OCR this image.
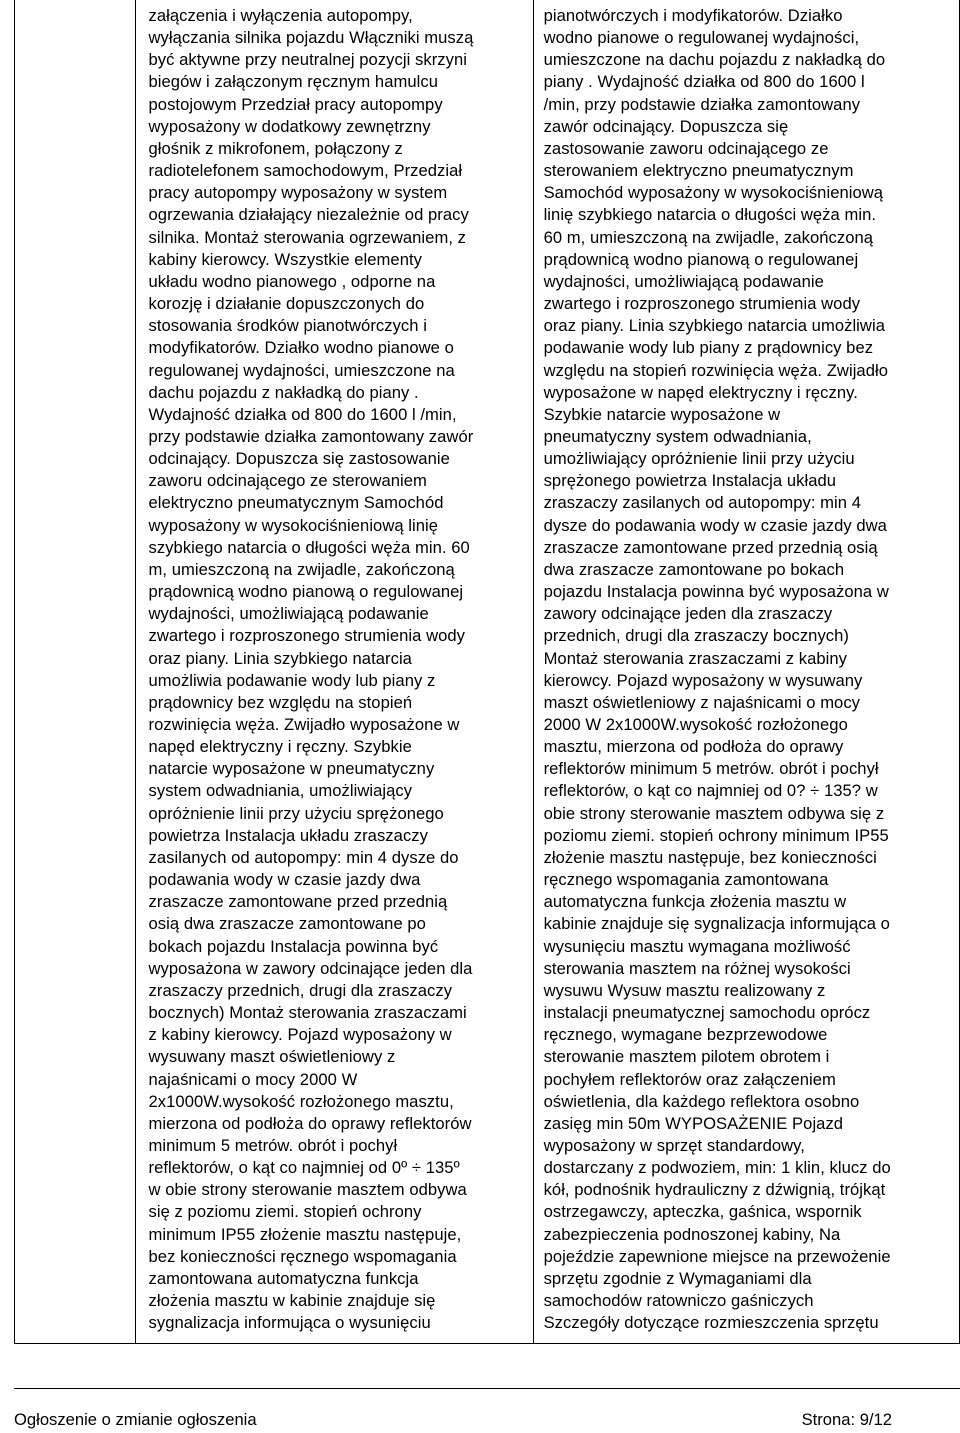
załączenia i wyłączenia autopompy,
wyłączania silnika pojazdu Włączniki muszą
być aktywne przy neutralnej pozycji skrzyni
biegów i załączonym ręcznym hamulcu
postojowym Przedział pracy autopompy
wyposażony w dodatkowy zewnętrzny
głośnik z mikrofonem, połączony z
radiotelefonem samochodowym, Przedział
pracy autopompy wyposażony w system
ogrzewania działający niezależnie od pracy
silnika. Montaż sterowania ogrzewaniem, z
kabiny kierowcy. Wszystkie elementy
układu wodno pianowego , odporne na
korozję i działanie dopuszczonych do
stosowania środków pianotwórczych i
modyfikatorów. Działko wodno pianowe o
regulowanej wydajności, umieszczone na
dachu pojazdu z nakładką do piany .
Wydajność działka od 800 do 1600 l /min,
przy podstawie działka zamontowany zawór
odcinający. Dopuszcza się zastosowanie
zaworu odcinającego ze sterowaniem
elektryczno pneumatycznym Samochód
wyposażony w wysokociśnieniową linię
szybkiego natarcia o długości węża min. 60
m, umieszczoną na zwijadle, zakończoną
prądownicą wodno pianową o regulowanej
wydajności, umożliwiającą podawanie
zwartego i rozproszonego strumienia wody
oraz piany. Linia szybkiego natarcia
umożliwia podawanie wody lub piany z
prądownicy bez względu na stopień
rozwinięcia węża. Zwijadło wyposażone w
napęd elektryczny i ręczny. Szybkie
natarcie wyposażone w pneumatyczny
system odwadniania, umożliwiający
opróżnienie linii przy użyciu sprężonego
powietrza Instalacja układu zraszaczy
zasilanych od autopompy: min 4 dysze do
podawania wody w czasie jazdy dwa
zraszacze zamontowane przed przednią
osią dwa zraszacze zamontowane po
bokach pojazdu Instalacja powinna być
wyposażona w zawory odcinające jeden dla
zraszaczy przednich, drugi dla zraszaczy
bocznych) Montaż sterowania zraszaczami
z kabiny kierowcy. Pojazd wyposażony w
wysuwany maszt oświetleniowy z
najaśnicami o mocy 2000 W
2x1000W.wysokość rozłożonego masztu,
mierzona od podłoża do oprawy reflektorów
minimum 5 metrów. obrót i pochył
reflektorów, o kąt co najmniej od 0º ÷ 135º
w obie strony sterowanie masztem odbywa
się z poziomu ziemi. stopień ochrony
minimum IP55 złożenie masztu następuje,
bez konieczności ręcznego wspomagania
zamontowana automatyczna funkcja
złożenia masztu w kabinie znajduje się
sygnalizacja informująca o wysunięciu

pianotwórczych i modyfikatorów. Działko
wodno pianowe o regulowanej wydajności,
umieszczone na dachu pojazdu z nakładką do
piany . Wydajność działka od 800 do 1600 l
/min, przy podstawie działka zamontowany
zawór odcinający. Dopuszcza się
zastosowanie zaworu odcinającego ze
sterowaniem elektryczno pneumatycznym
Samochód wyposażony w wysokociśnieniową
linię szybkiego natarcia o długości węża min.
60 m, umieszczoną na zwijadle, zakończoną
prądownicą wodno pianową o regulowanej
wydajności, umożliwiającą podawanie
zwartego i rozproszonego strumienia wody
oraz piany. Linia szybkiego natarcia umożliwia
podawanie wody lub piany z prądownicy bez
względu na stopień rozwinięcia węża. Zwijadło
wyposażone w napęd elektryczny i ręczny.
Szybkie natarcie wyposażone w
pneumatyczny system odwadniania,
umożliwiający opróżnienie linii przy użyciu
sprężonego powietrza Instalacja układu
zraszaczy zasilanych od autopompy: min 4
dysze do podawania wody w czasie jazdy dwa
zraszacze zamontowane przed przednią osią
dwa zraszacze zamontowane po bokach
pojazdu Instalacja powinna być wyposażona w
zawory odcinające jeden dla zraszaczy
przednich, drugi dla zraszaczy bocznych)
Montaż sterowania zraszaczami z kabiny
kierowcy. Pojazd wyposażony w wysuwany
maszt oświetleniowy z najaśnicami o mocy
2000 W 2x1000W.wysokość rozłożonego
masztu, mierzona od podłoża do oprawy
reflektorów minimum 5 metrów. obrót i pochył
reflektorów, o kąt co najmniej od 0? ÷ 135? w
obie strony sterowanie masztem odbywa się z
poziomu ziemi. stopień ochrony minimum IP55
złożenie masztu następuje, bez konieczności
ręcznego wspomagania zamontowana
automatyczna funkcja złożenia masztu w
kabinie znajduje się sygnalizacja informująca o
wysunięciu masztu wymagana możliwość
sterowania masztem na różnej wysokości
wysuwu Wysuw masztu realizowany z
instalacji pneumatycznej samochodu oprócz
ręcznego, wymagane bezprzewodowe
sterowanie masztem pilotem obrotem i
pochyłem reflektorów oraz załączeniem
oświetlenia, dla każdego reflektora osobno
zasięg min 50m WYPOSAŻENIE Pojazd
wyposażony w sprzęt standardowy,
dostarczany z podwoziem, min: 1 klin, klucz do
kół, podnośnik hydrauliczny z dźwignią, trójkąt
ostrzegawczy, apteczka, gaśnica, wspornik
zabezpieczenia podnoszonej kabiny, Na
pojeździe zapewnione miejsce na przewożenie
sprzętu zgodnie z Wymaganiami dla
samochodów ratowniczo gaśniczych
Szczegóły dotyczące rozmieszczenia sprzętu
Ogłoszenie o zmianie ogłoszenia	Strona: 9/12
